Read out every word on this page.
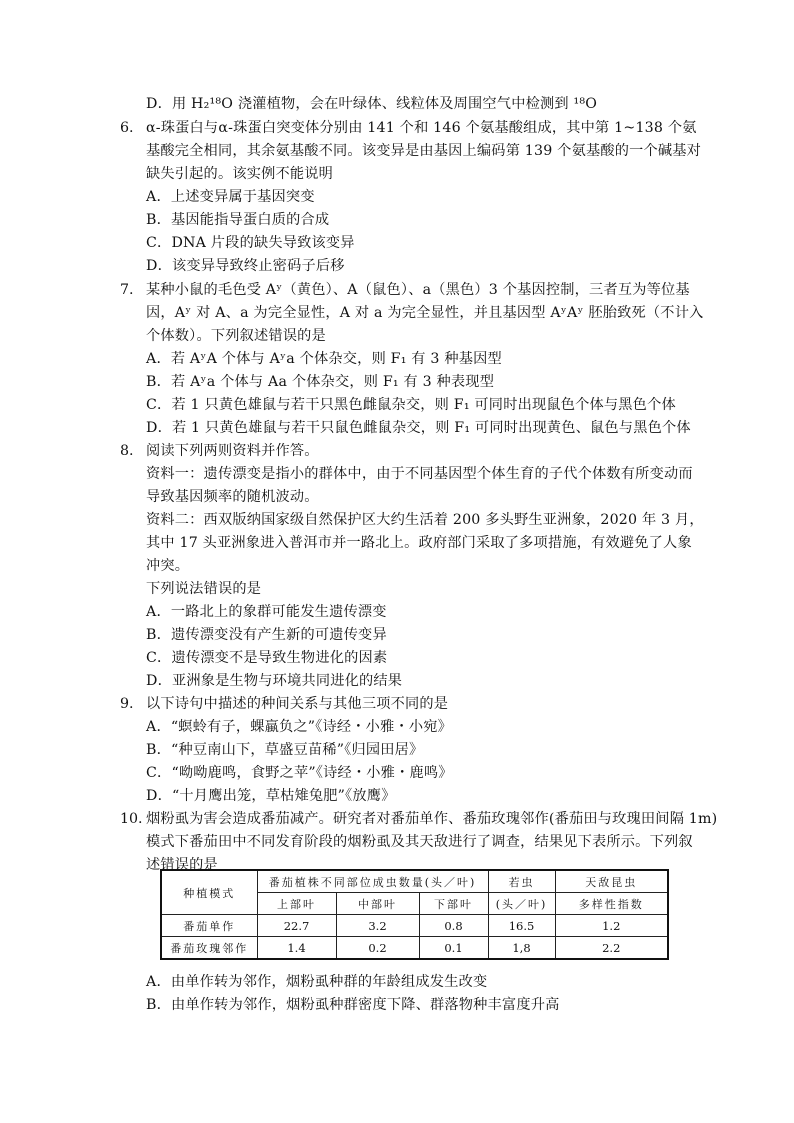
D．用 H₂¹⁸O 浇灌植物，会在叶绿体、线粒体及周围空气中检测到 ¹⁸O
6. α-珠蛋白与α-珠蛋白突变体分别由 141 个和 146 个氨基酸组成，其中第 1~138 个氨
基酸完全相同，其余氨基酸不同。该变异是由基因上编码第 139 个氨基酸的一个碱基对
缺失引起的。该实例不能说明
A．上述变异属于基因突变
B．基因能指导蛋白质的合成
C．DNA 片段的缺失导致该变异
D．该变异导致终止密码子后移
7. 某种小鼠的毛色受 Aʸ（黄色）、A（鼠色）、a（黑色）3 个基因控制，三者互为等位基
因，Aʸ 对 A、a 为完全显性，A 对 a 为完全显性，并且基因型 AʸAʸ 胚胎致死（不计入
个体数）。下列叙述错误的是
A．若 AʸA 个体与 Aʸa 个体杂交，则 F₁ 有 3 种基因型
B．若 Aʸa 个体与 Aa 个体杂交，则 F₁ 有 3 种表现型
C．若 1 只黄色雄鼠与若干只黑色雌鼠杂交，则 F₁ 可同时出现鼠色个体与黑色个体
D．若 1 只黄色雄鼠与若干只鼠色雌鼠杂交，则 F₁ 可同时出现黄色、鼠色与黑色个体
8. 阅读下列两则资料并作答。
资料一：遗传漂变是指小的群体中，由于不同基因型个体生育的子代个体数有所变动而
导致基因频率的随机波动。
资料二：西双版纳国家级自然保护区大约生活着 200 多头野生亚洲象，2020 年 3 月，
其中 17 头亚洲象进入普洱市并一路北上。政府部门采取了多项措施，有效避免了人象
冲突。
下列说法错误的是
A．一路北上的象群可能发生遗传漂变
B．遗传漂变没有产生新的可遗传变异
C．遗传漂变不是导致生物进化的因素
D．亚洲象是生物与环境共同进化的结果
9. 以下诗句中描述的种间关系与其他三项不同的是
A．“螟蛉有子，蜾蠃负之”《诗经・小雅・小宛》
B．“种豆南山下，草盛豆苗稀”《归园田居》
C．“呦呦鹿鸣，食野之苹”《诗经・小雅・鹿鸣》
D．“十月鹰出笼，草枯雉兔肥”《放鹰》
10. 烟粉虱为害会造成番茄减产。研究者对番茄单作、番茄玫瑰邻作(番茄田与玫瑰田间隔 1m)
模式下番茄田中不同发育阶段的烟粉虱及其天敌进行了调查，结果见下表所示。下列叙
述错误的是
种植模式	番茄植株不同部位成虫数量(头／叶)			若虫	天敌昆虫
	上部叶	中部叶	下部叶	(头／叶)	多样性指数
番茄单作	22.7	3.2	0.8	16.5	1.2
番茄玫瑰邻作	1.4	0.2	0.1	1,8	2.2
A．由单作转为邻作，烟粉虱种群的年龄组成发生改变
B．由单作转为邻作，烟粉虱种群密度下降、群落物种丰富度升高
